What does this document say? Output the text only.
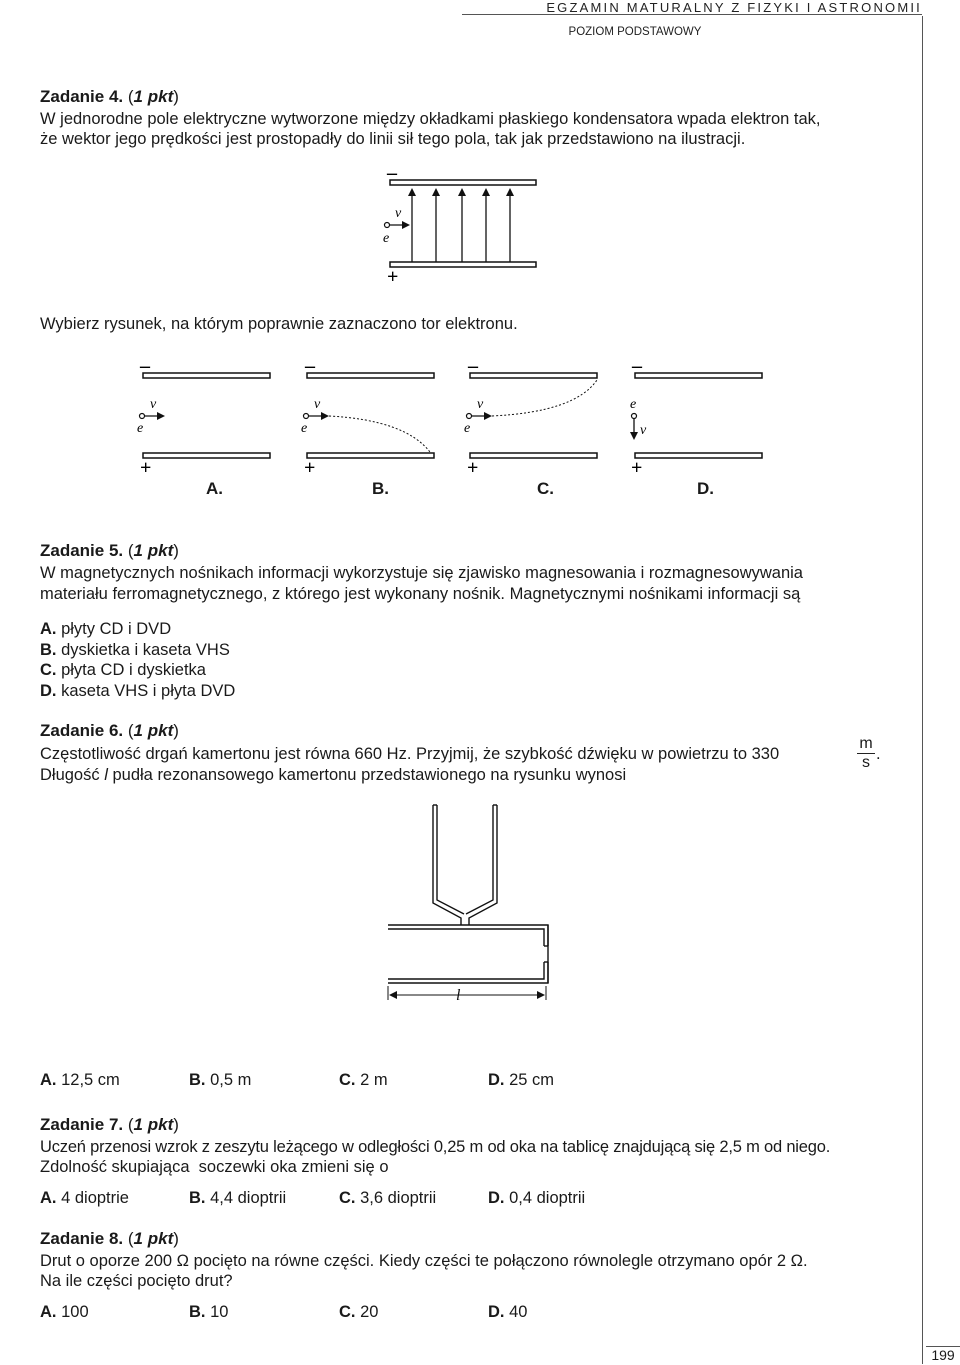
EGZAMIN MATURALNY Z FIZYKI I ASTRONOMII
POZIOM PODSTAWOWY
Zadanie 4. (1 pkt)
W jednorodne pole elektryczne wytworzone między okładkami płaskiego kondensatora wpada elektron tak,
że wektor jego prędkości jest prostopadły do linii sił tego pola, tak jak przedstawiono na ilustracji.
–
v
e
+
Wybierz rysunek, na którym poprawnie zaznaczono tor elektronu.
–
v
e
+
–
v
e
+
–
v
e
+
–
e
v
+
A.	B.	C.	D.
Zadanie 5. (1 pkt)
W magnetycznych nośnikach informacji wykorzystuje się zjawisko magnesowania i rozmagnesowywania
materiału ferromagnetycznego, z którego jest wykonany nośnik. Magnetycznymi nośnikami informacji są
A. płyty CD i DVD
B. dyskietka i kaseta VHS
C. płyta CD i dyskietka
D. kaseta VHS i płyta DVD
Zadanie 6. (1 pkt)
Częstotliwość drgań kamertonu jest równa 660 Hz. Przyjmij, że szybkość dźwięku w powietrzu to 330
m
s .
Długość l pudła rezonansowego kamertonu przedstawionego na rysunku wynosi
l
A. 12,5 cm	B. 0,5 m	C. 2 m	D. 25 cm
Zadanie 7. (1 pkt)
Uczeń przenosi wzrok z zeszytu leżącego w odległości 0,25 m od oka na tablicę znajdującą się 2,5 m od niego.
Zdolność skupiająca  soczewki oka zmieni się o
A. 4 dioptrie	B. 4,4 dioptrii	C. 3,6 dioptrii	D. 0,4 dioptrii
Zadanie 8. (1 pkt)
Drut o oporze 200 Ω pocięto na równe części. Kiedy części te połączono równolegle otrzymano opór 2 Ω.
Na ile części pocięto drut?
A. 100	B. 10	C. 20	D. 40
199
